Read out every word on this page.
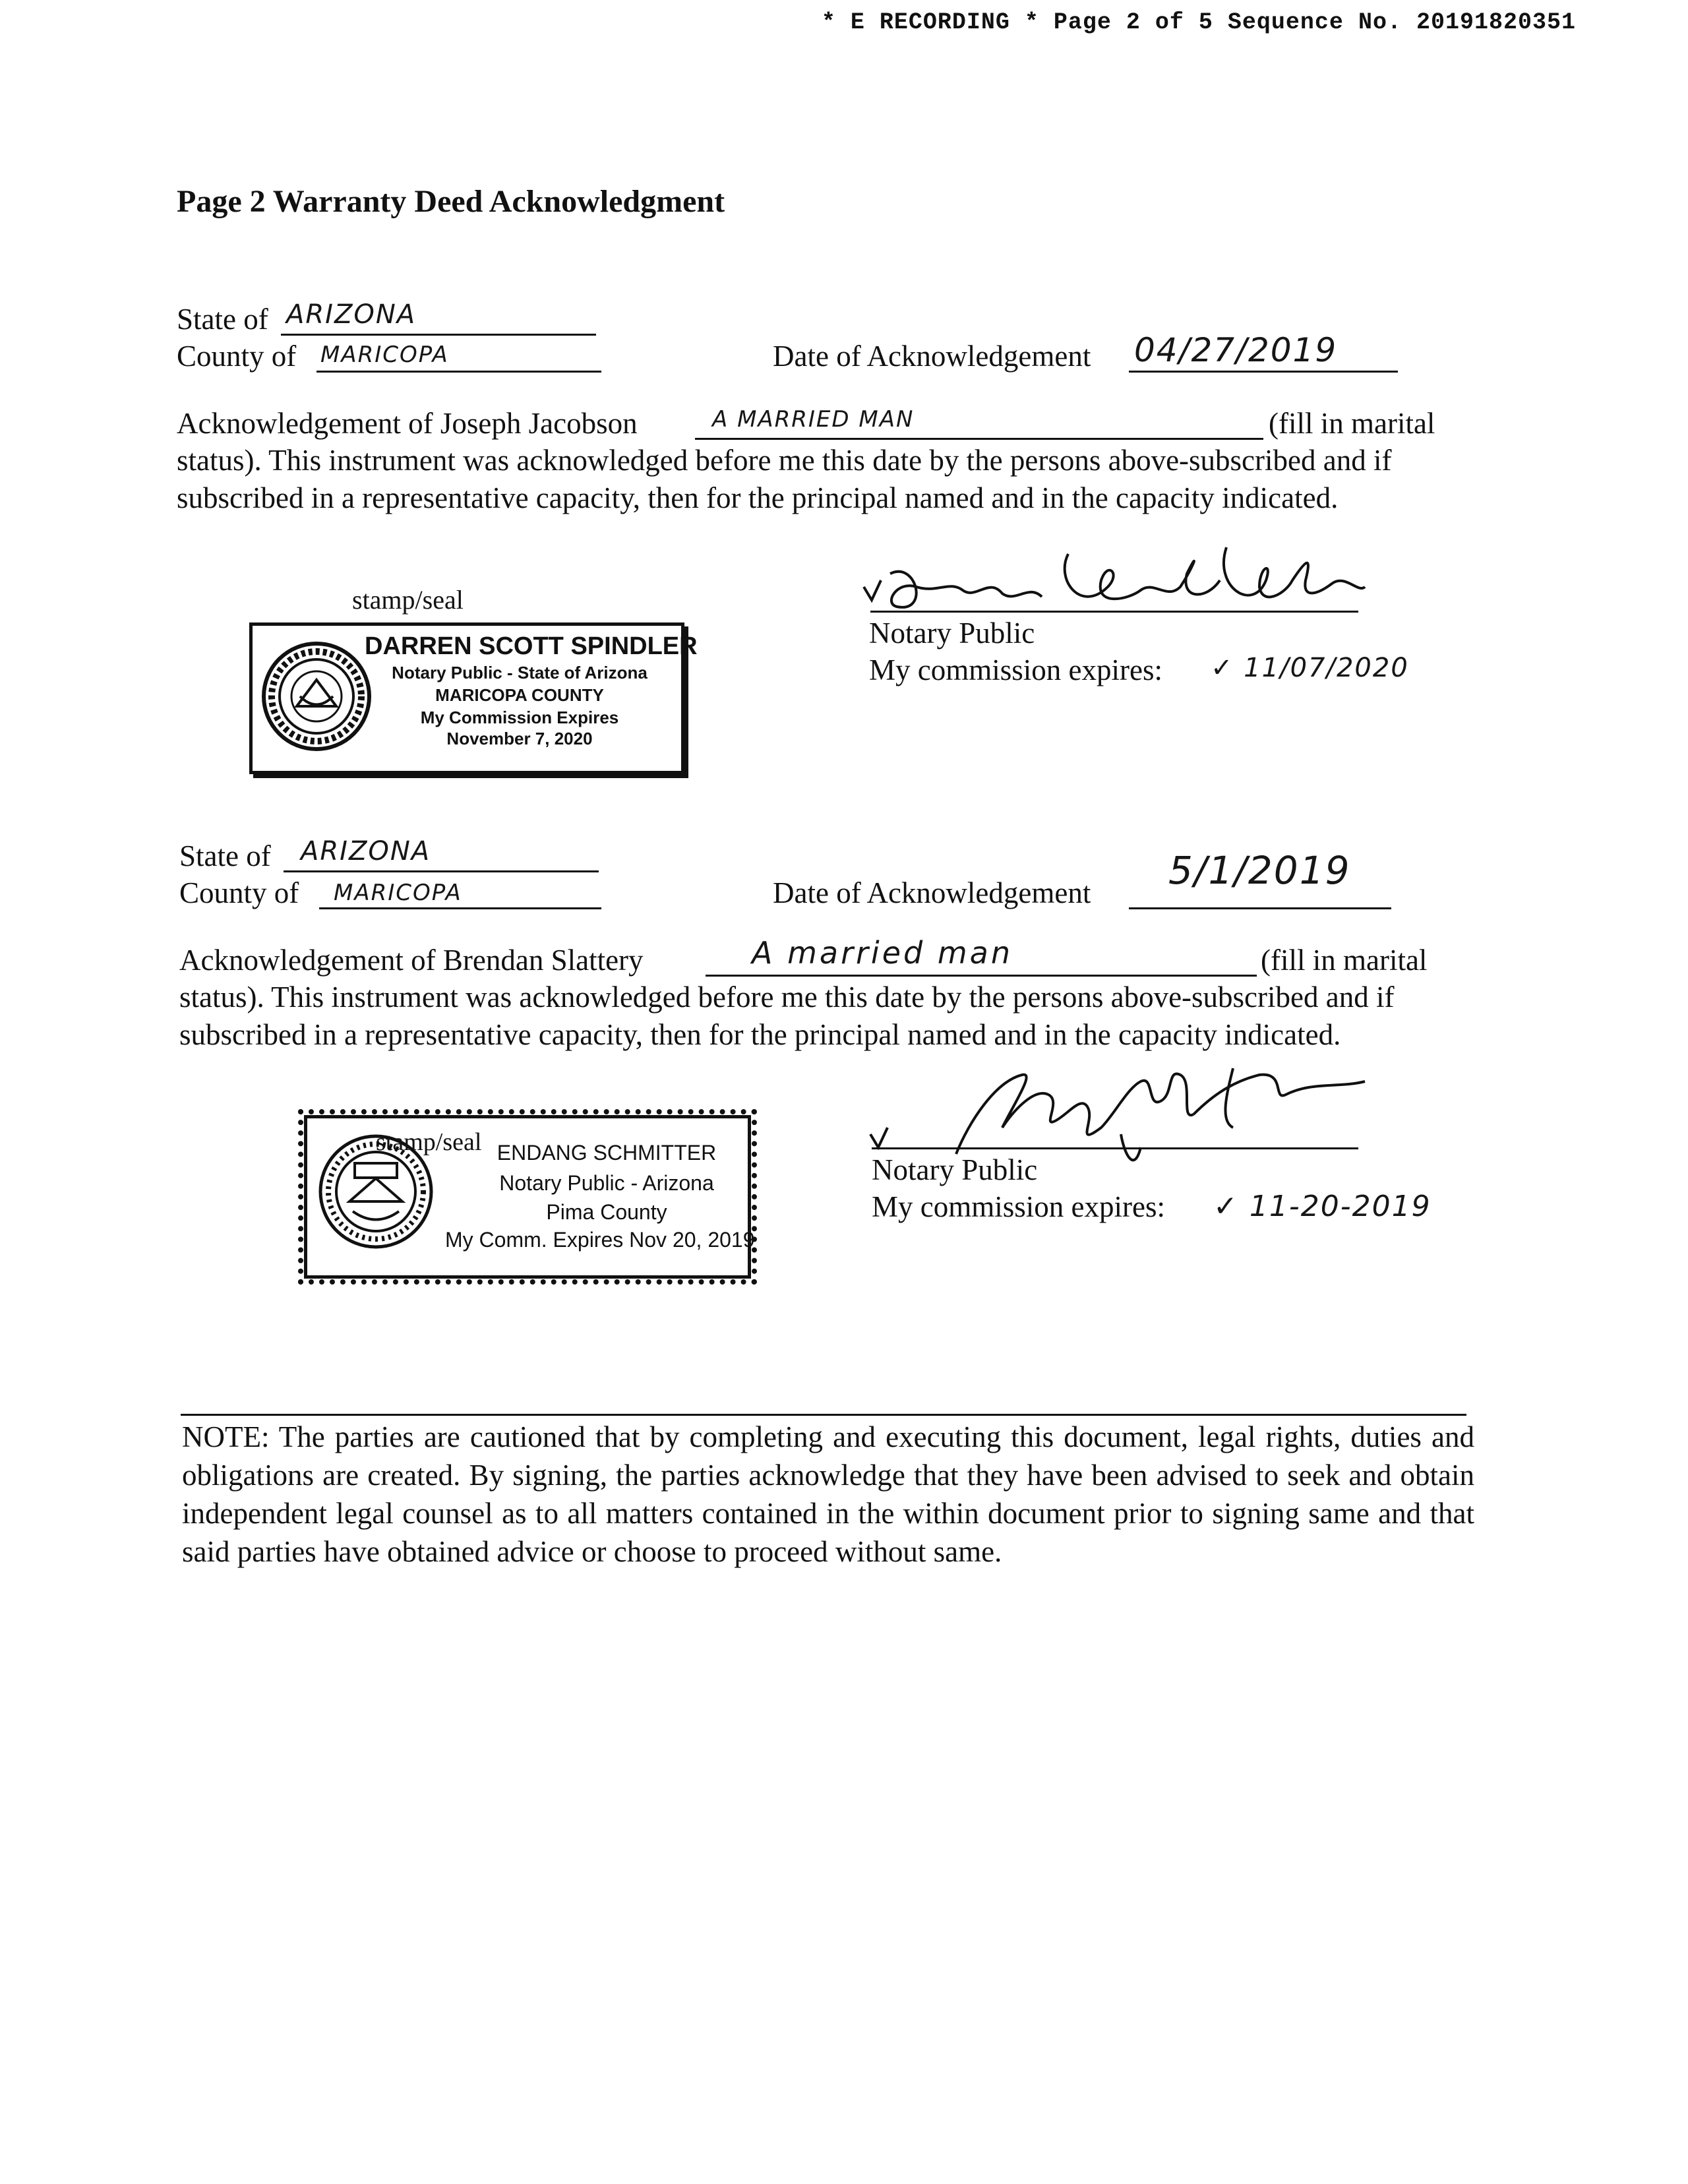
* E RECORDING * Page 2 of 5 Sequence No. 20191820351
Page 2 Warranty Deed Acknowledgment
State of ARIZONA
County of MARICOPA	Date of Acknowledgement 04/27/2019
Acknowledgement of Joseph Jacobson	A MARRIED MAN	(fill in marital
status). This instrument was acknowledged before me this date by the persons above-subscribed and if subscribed in a representative capacity, then for the principal named and in the capacity indicated.
stamp/seal
DARREN SCOTT SPINDLER
Notary Public - State of Arizona
MARICOPA COUNTY
My Commission Expires
November 7, 2020
Notary Public
My commission expires: ✓ 11/07/2020
State of ARIZONA
County of MARICOPA	Date of Acknowledgement 5/1/2019
Acknowledgement of Brendan Slattery	A married man	(fill in marital
status). This instrument was acknowledged before me this date by the persons above-subscribed and if subscribed in a representative capacity, then for the principal named and in the capacity indicated.
stamp/seal ENDANG SCHMITTER
Notary Public - Arizona
Pima County
My Comm. Expires Nov 20, 2019
Notary Public
My commission expires: ✓ 11-20-2019
NOTE: The parties are cautioned that by completing and executing this document, legal rights, duties and obligations are created. By signing, the parties acknowledge that they have been advised to seek and obtain independent legal counsel as to all matters contained in the within document prior to signing same and that said parties have obtained advice or choose to proceed without same.
